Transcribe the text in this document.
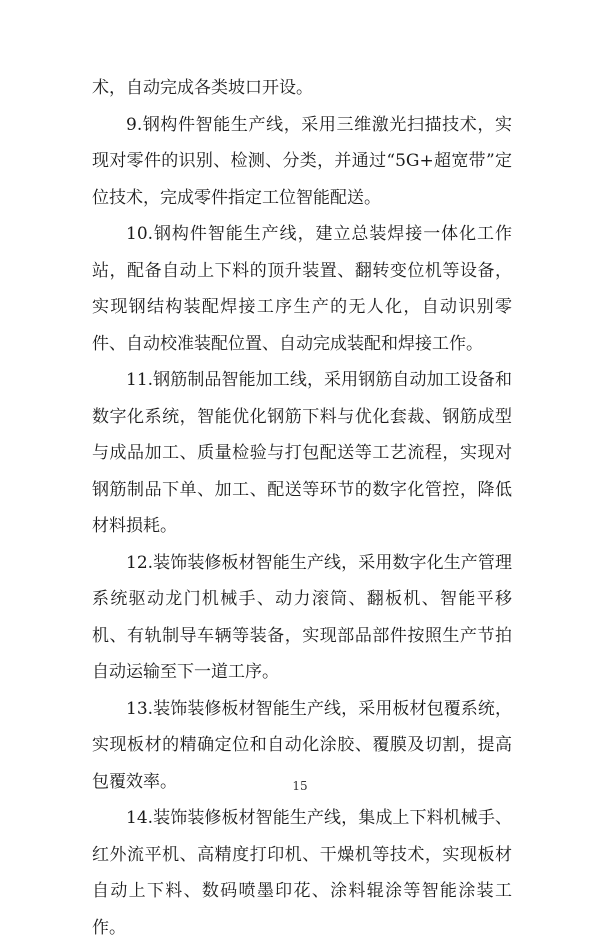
术，自动完成各类坡口开设。

9.钢构件智能生产线，采用三维激光扫描技术，实现对零件的识别、检测、分类，并通过“5G+超宽带”定位技术，完成零件指定工位智能配送。

10.钢构件智能生产线，建立总装焊接一体化工作站，配备自动上下料的顶升装置、翻转变位机等设备，实现钢结构装配焊接工序生产的无人化，自动识别零件、自动校准装配位置、自动完成装配和焊接工作。

11.钢筋制品智能加工线，采用钢筋自动加工设备和数字化系统，智能优化钢筋下料与优化套裁、钢筋成型与成品加工、质量检验与打包配送等工艺流程，实现对钢筋制品下单、加工、配送等环节的数字化管控，降低材料损耗。

12.装饰装修板材智能生产线，采用数字化生产管理系统驱动龙门机械手、动力滚筒、翻板机、智能平移机、有轨制导车辆等装备，实现部品部件按照生产节拍自动运输至下一道工序。

13.装饰装修板材智能生产线，采用板材包覆系统，实现板材的精确定位和自动化涂胶、覆膜及切割，提高包覆效率。

14.装饰装修板材智能生产线，集成上下料机械手、红外流平机、高精度打印机、干燥机等技术，实现板材自动上下料、数码喷墨印花、涂料辊涂等智能涂装工作。

15
